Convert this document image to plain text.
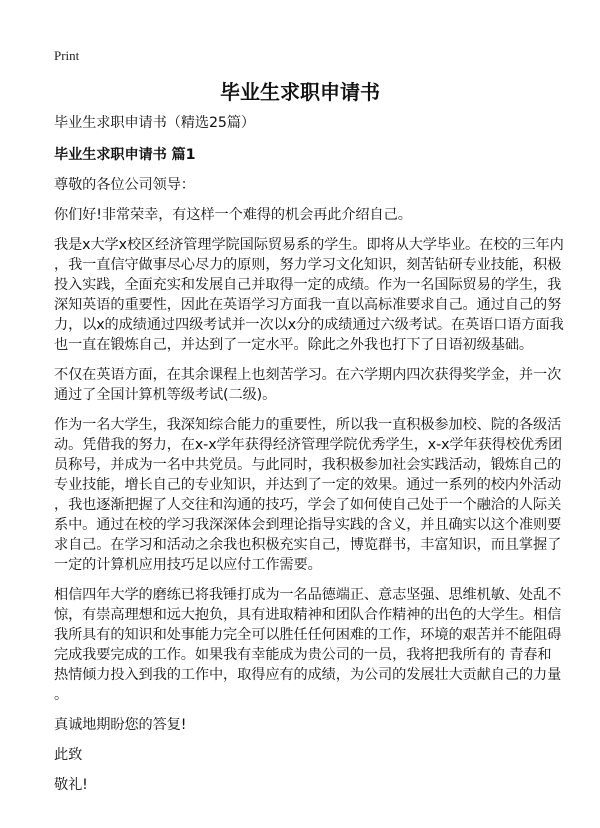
Print
毕业生求职申请书
毕业生求职申请书（精选25篇）
毕业生求职申请书 篇1
尊敬的各位公司领导：
你们好!非常荣幸，有这样一个难得的机会再此介绍自己。
我是x大学x校区经济管理学院国际贸易系的学生。即将从大学毕业。在校的三年内
，我一直信守做事尽心尽力的原则，努力学习文化知识，刻苦钻研专业技能，积极
投入实践，全面充实和发展自己并取得一定的成绩。作为一名国际贸易的学生，我
深知英语的重要性，因此在英语学习方面我一直以高标准要求自己。通过自己的努
力，以x的成绩通过四级考试并一次以x分的成绩通过六级考试。在英语口语方面我
也一直在锻炼自己，并达到了一定水平。除此之外我也打下了日语初级基础。
不仅在英语方面，在其余课程上也刻苦学习。在六学期内四次获得奖学金，并一次
通过了全国计算机等级考试(二级)。
作为一名大学生，我深知综合能力的重要性，所以我一直积极参加校、院的各级活
动。凭借我的努力，在x-x学年获得经济管理学院优秀学生，x-x学年获得校优秀团
员称号，并成为一名中共党员。与此同时，我积极参加社会实践活动，锻炼自己的
专业技能，增长自己的专业知识，并达到了一定的效果。通过一系列的校内外活动
，我也逐渐把握了人交往和沟通的技巧，学会了如何使自己处于一个融洽的人际关
系中。通过在校的学习我深深体会到理论指导实践的含义，并且确实以这个准则要
求自己。在学习和活动之余我也积极充实自己，博览群书，丰富知识，而且掌握了
一定的计算机应用技巧足以应付工作需要。
相信四年大学的磨练已将我锤打成为一名品德端正、意志坚强、思维机敏、处乱不
惊，有崇高理想和远大抱负，具有进取精神和团队合作精神的出色的大学生。相信
我所具有的知识和处事能力完全可以胜任任何困难的工作，环境的艰苦并不能阻碍
完成我要完成的工作。如果我有幸能成为贵公司的一员，我将把我所有的 青春和
热情倾力投入到我的工作中，取得应有的成绩，为公司的发展壮大贡献自己的力量
。
真诚地期盼您的答复!
此致
敬礼!
